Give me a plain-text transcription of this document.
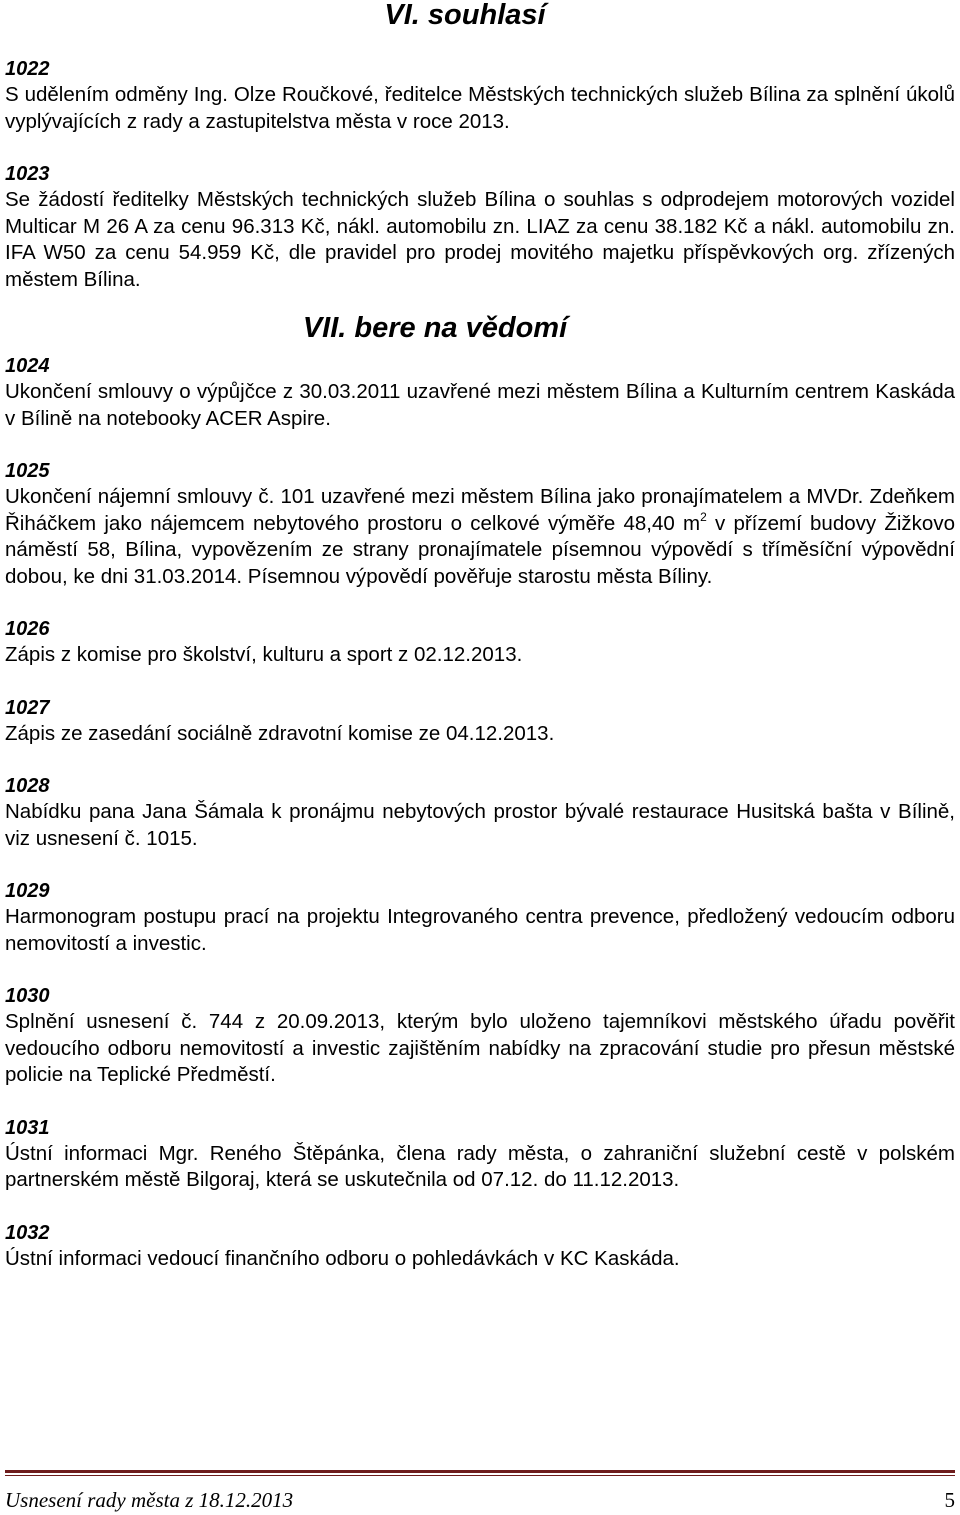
VI. souhlasí
1022
S udělením odměny Ing. Olze Roučkové, ředitelce Městských technických služeb Bílina za splnění úkolů vyplývajících z rady a zastupitelstva města v roce 2013.
1023
Se žádostí ředitelky Městských technických služeb Bílina o souhlas s odprodejem motorových vozidel Multicar M 26 A za cenu 96.313 Kč, nákl. automobilu zn. LIAZ za cenu 38.182 Kč a nákl. automobilu zn. IFA W50 za cenu 54.959 Kč, dle pravidel pro prodej movitého majetku příspěvkových org. zřízených městem Bílina.
VII. bere na vědomí
1024
Ukončení smlouvy o výpůjčce z 30.03.2011 uzavřené mezi městem Bílina a Kulturním centrem Kaskáda v Bílině na notebooky ACER Aspire.
1025
Ukončení nájemní smlouvy č. 101 uzavřené mezi městem Bílina jako pronajímatelem a MVDr. Zdeňkem Řiháčkem jako nájemcem nebytového prostoru o celkové výměře 48,40 $m^2$ v přízemí budovy Žižkovo náměstí 58, Bílina, vypovězením ze strany pronajímatele písemnou výpovědí s tříměsíční výpovědní dobou, ke dni 31.03.2014. Písemnou výpovědí pověřuje starostu města Bíliny.
1026
Zápis z komise pro školství, kulturu a sport z 02.12.2013.
1027
Zápis ze zasedání sociálně zdravotní komise ze 04.12.2013.
1028
Nabídku pana Jana Šámala k pronájmu nebytových prostor bývalé restaurace Husitská bašta v Bílině, viz usnesení č. 1015.
1029
Harmonogram postupu prací na projektu Integrovaného centra prevence, předložený vedoucím odboru nemovitostí a investic.
1030
Splnění usnesení č. 744 z 20.09.2013, kterým bylo uloženo tajemníkovi městského úřadu pověřit vedoucího odboru nemovitostí a investic zajištěním nabídky na zpracování studie pro přesun městské policie na Teplické Předměstí.
1031
Ústní informaci Mgr. Reného Štěpánka, člena rady města, o zahraniční služební cestě v polském partnerském městě Bilgoraj, která se uskutečnila od 07.12. do 11.12.2013.
1032
Ústní informaci vedoucí finančního odboru o pohledávkách v KC Kaskáda.
Usnesení rady města z 18.12.2013	5
